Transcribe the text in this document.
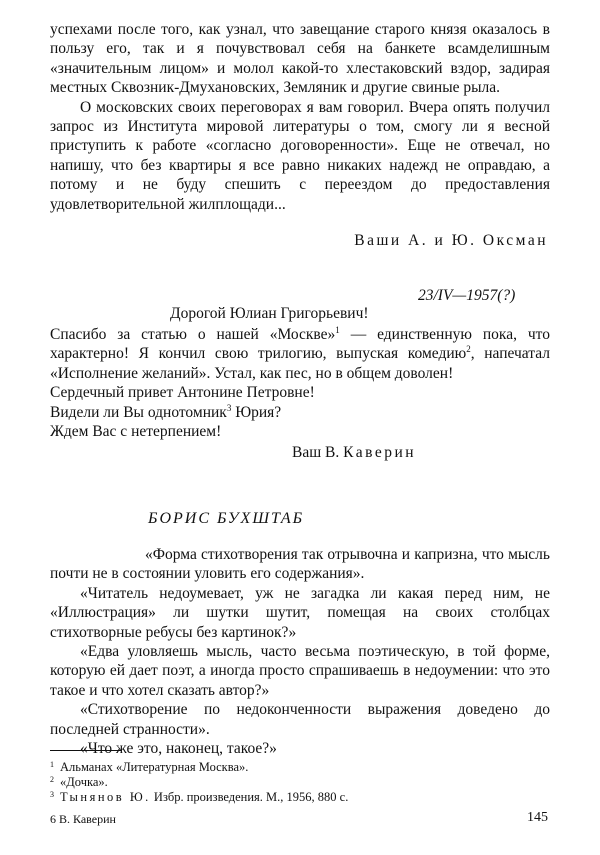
успехами после того, как узнал, что завещание старого князя оказалось в пользу его, так и я почувствовал себя на банкете всамделишным «значительным лицом» и молол какой-то хлестаковский вздор, задирая местных Сквозник-Дмухановских, Земляник и другие свиные рыла.

О московских своих переговорах я вам говорил. Вчера опять получил запрос из Института мировой литературы о том, смогу ли я весной приступить к работе «согласно договоренности». Еще не отвечал, но напишу, что без квартиры я все равно никаких надежд не оправдаю, а потому и не буду спешить с переездом до предоставления удовлетворительной жилплощади...

Ваши А. и Ю. Оксман
23/IV—1957(?)
Дорогой Юлиан Григорьевич!

Спасибо за статью о нашей «Москве»$^1$ — единственную пока, что характерно! Я кончил свою трилогию, выпуская комедию$^2$, напечатал «Исполнение желаний». Устал, как пес, но в общем доволен!

Сердечный привет Антонине Петровне!

Видели ли Вы однотомник$^3$ Юрия?

Ждем Вас с нетерпением!

Ваш В. Каверин
БОРИС БУХШТАБ

«Форма стихотворения так отрывочна и капризна, что мысль почти не в состоянии уловить его содержания».

«Читатель недоумевает, уж не загадка ли какая перед ним, не «Иллюстрация» ли шутки шутит, помещая на своих столбцах стихотворные ребусы без картинок?»

«Едва уловляешь мысль, часто весьма поэтическую, в той форме, которую ей дает поэт, а иногда просто спрашиваешь в недоумении: что это такое и что хотел сказать автор?»

«Стихотворение по недоконченности выражения доведено до последней странности».

«Что же это, наконец, такое?»

$^1$ Альманах «Литературная Москва».
$^2$ «Дочка».
$^3$ Тынянов Ю. Избр. произведения. М., 1956, 880 с.
6 В. Каверин	145
